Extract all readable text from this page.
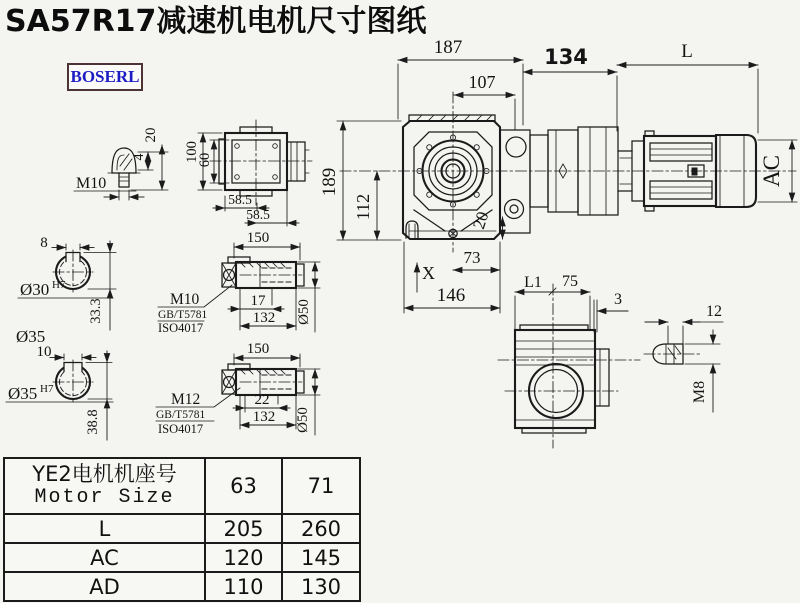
SA57R17减速机电机尺寸图纸
BOSERL
187
107
134	L
189
112
20
146
73
X
AC
M10
4
20
100
60
58.5
58.5
8
Ø30 H7
33.3
Ø35
10
Ø35 H7
38.8
150
M10
GB/T5781
ISO4017
17
132 Ø50
150
M12
GB/T5781
ISO4017
22
132 Ø50
L1 75
3
12
M8
YE2电机机座号
Motor Size	63	71
L	205	260
AC	120	145
AD	110	130
